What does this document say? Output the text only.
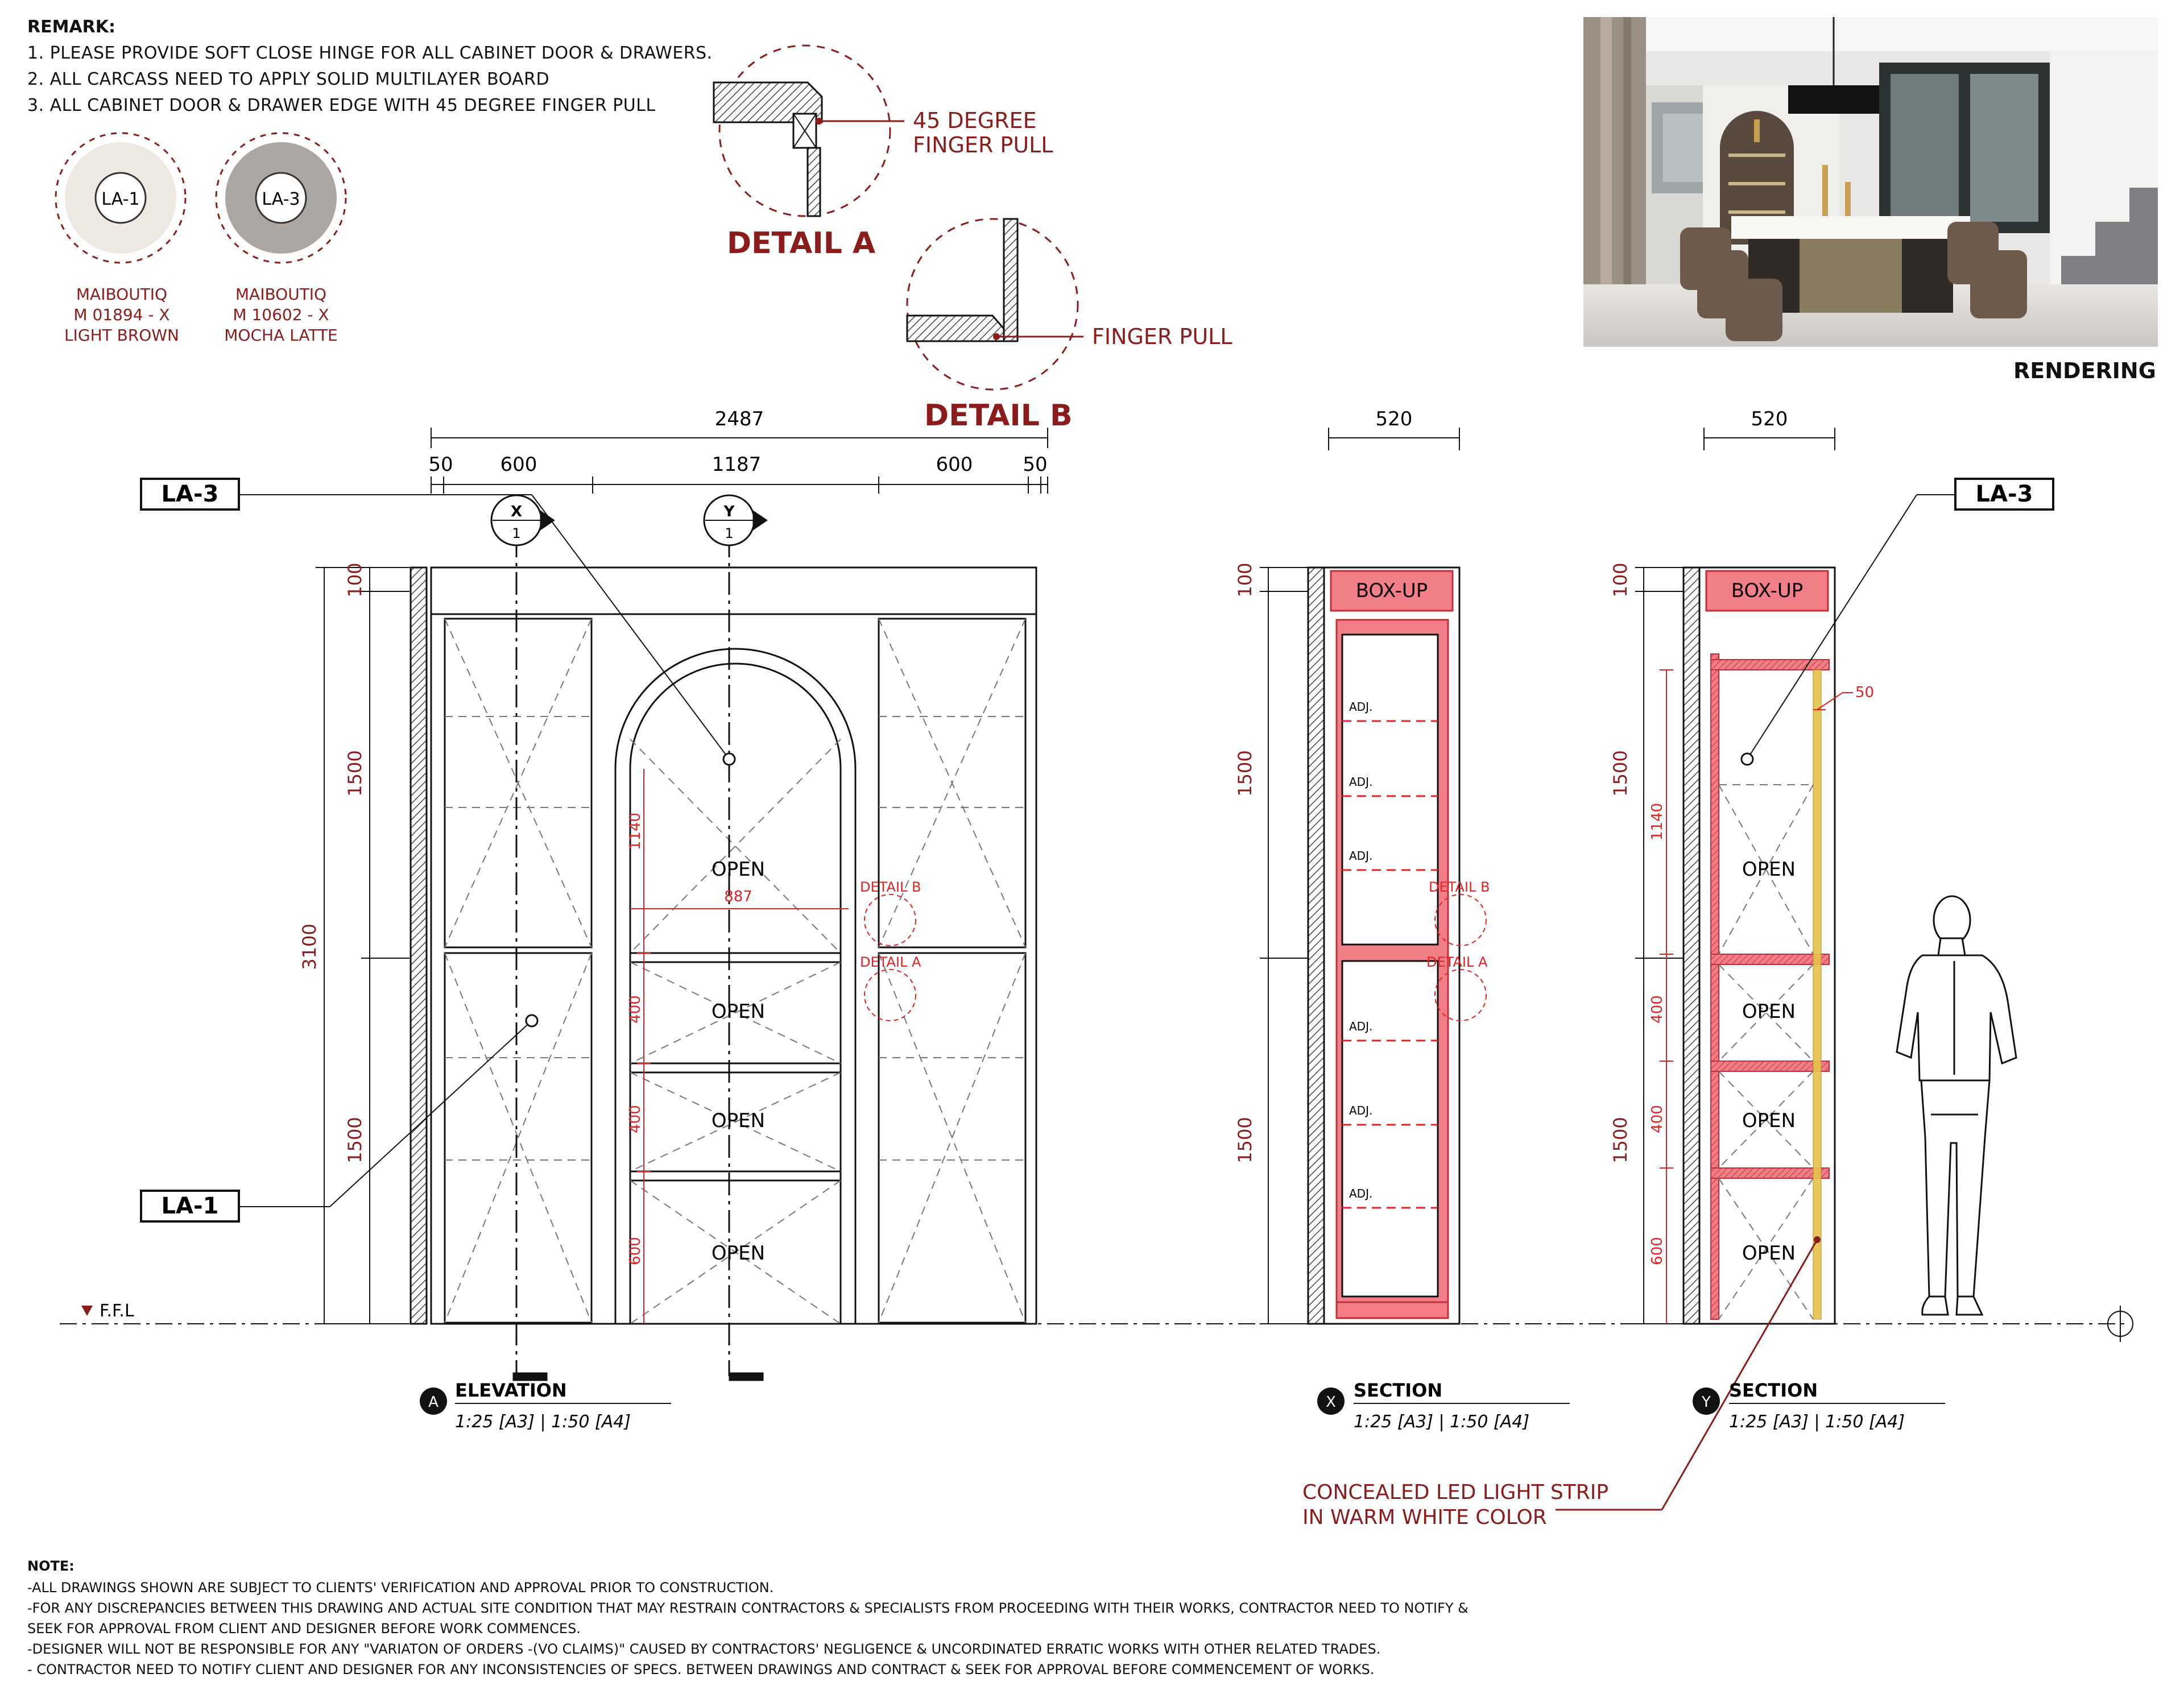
REMARK:
1. PLEASE PROVIDE SOFT CLOSE HINGE FOR ALL CABINET DOOR & DRAWERS.
2. ALL CARCASS NEED TO APPLY SOLID MULTILAYER BOARD
3. ALL CABINET DOOR & DRAWER EDGE WITH 45 DEGREE FINGER PULL
MAIBOUTIQ
M 01894 - X
LIGHT BROWN
MAIBOUTIQ
M 10602 - X
MOCHA LATTE
RENDERING
LA-1	LA-3
45 DEGREE
FINGER PULL
DETAIL A
FINGER PULL
DETAIL B
2487
50 600	1187	600	50
X
1
Y
1
100
1500
3100
1500
1140
400
400
600
887
OPEN
OPEN
OPEN
OPEN
DETAIL B
DETAIL A
F.F.L
A
ELEVATION
1:25 [A3] | 1:50 [A4]
LA-3
LA-1
520
BOX-UP
ADJ.
ADJ.
ADJ.
ADJ.
ADJ.
ADJ.
DETAIL B
DETAIL A
100
1500
1500
X
SECTION
1:25 [A3] | 1:50 [A4]
520
BOX-UP
50
OPEN
OPEN
OPEN
OPEN
100
1500
1500
1140
400
400
600
Y
SECTION
1:25 [A3] | 1:50 [A4]
CONCEALED LED LIGHT STRIP
IN WARM WHITE COLOR
LA-3
NOTE:
-ALL DRAWINGS SHOWN ARE SUBJECT TO CLIENTS' VERIFICATION AND APPROVAL PRIOR TO CONSTRUCTION.
-FOR ANY DISCREPANCIES BETWEEN THIS DRAWING AND ACTUAL SITE CONDITION THAT MAY RESTRAIN CONTRACTORS & SPECIALISTS FROM PROCEEDING WITH THEIR WORKS, CONTRACTOR NEED TO NOTIFY &
SEEK FOR APPROVAL FROM CLIENT AND DESIGNER BEFORE WORK COMMENCES.
-DESIGNER WILL NOT BE RESPONSIBLE FOR ANY "VARIATON OF ORDERS -(VO CLAIMS)" CAUSED BY CONTRACTORS' NEGLIGENCE & UNCORDINATED ERRATIC WORKS WITH OTHER RELATED TRADES.
- CONTRACTOR NEED TO NOTIFY CLIENT AND DESIGNER FOR ANY INCONSISTENCIES OF SPECS. BETWEEN DRAWINGS AND CONTRACT & SEEK FOR APPROVAL BEFORE COMMENCEMENT OF WORKS.
